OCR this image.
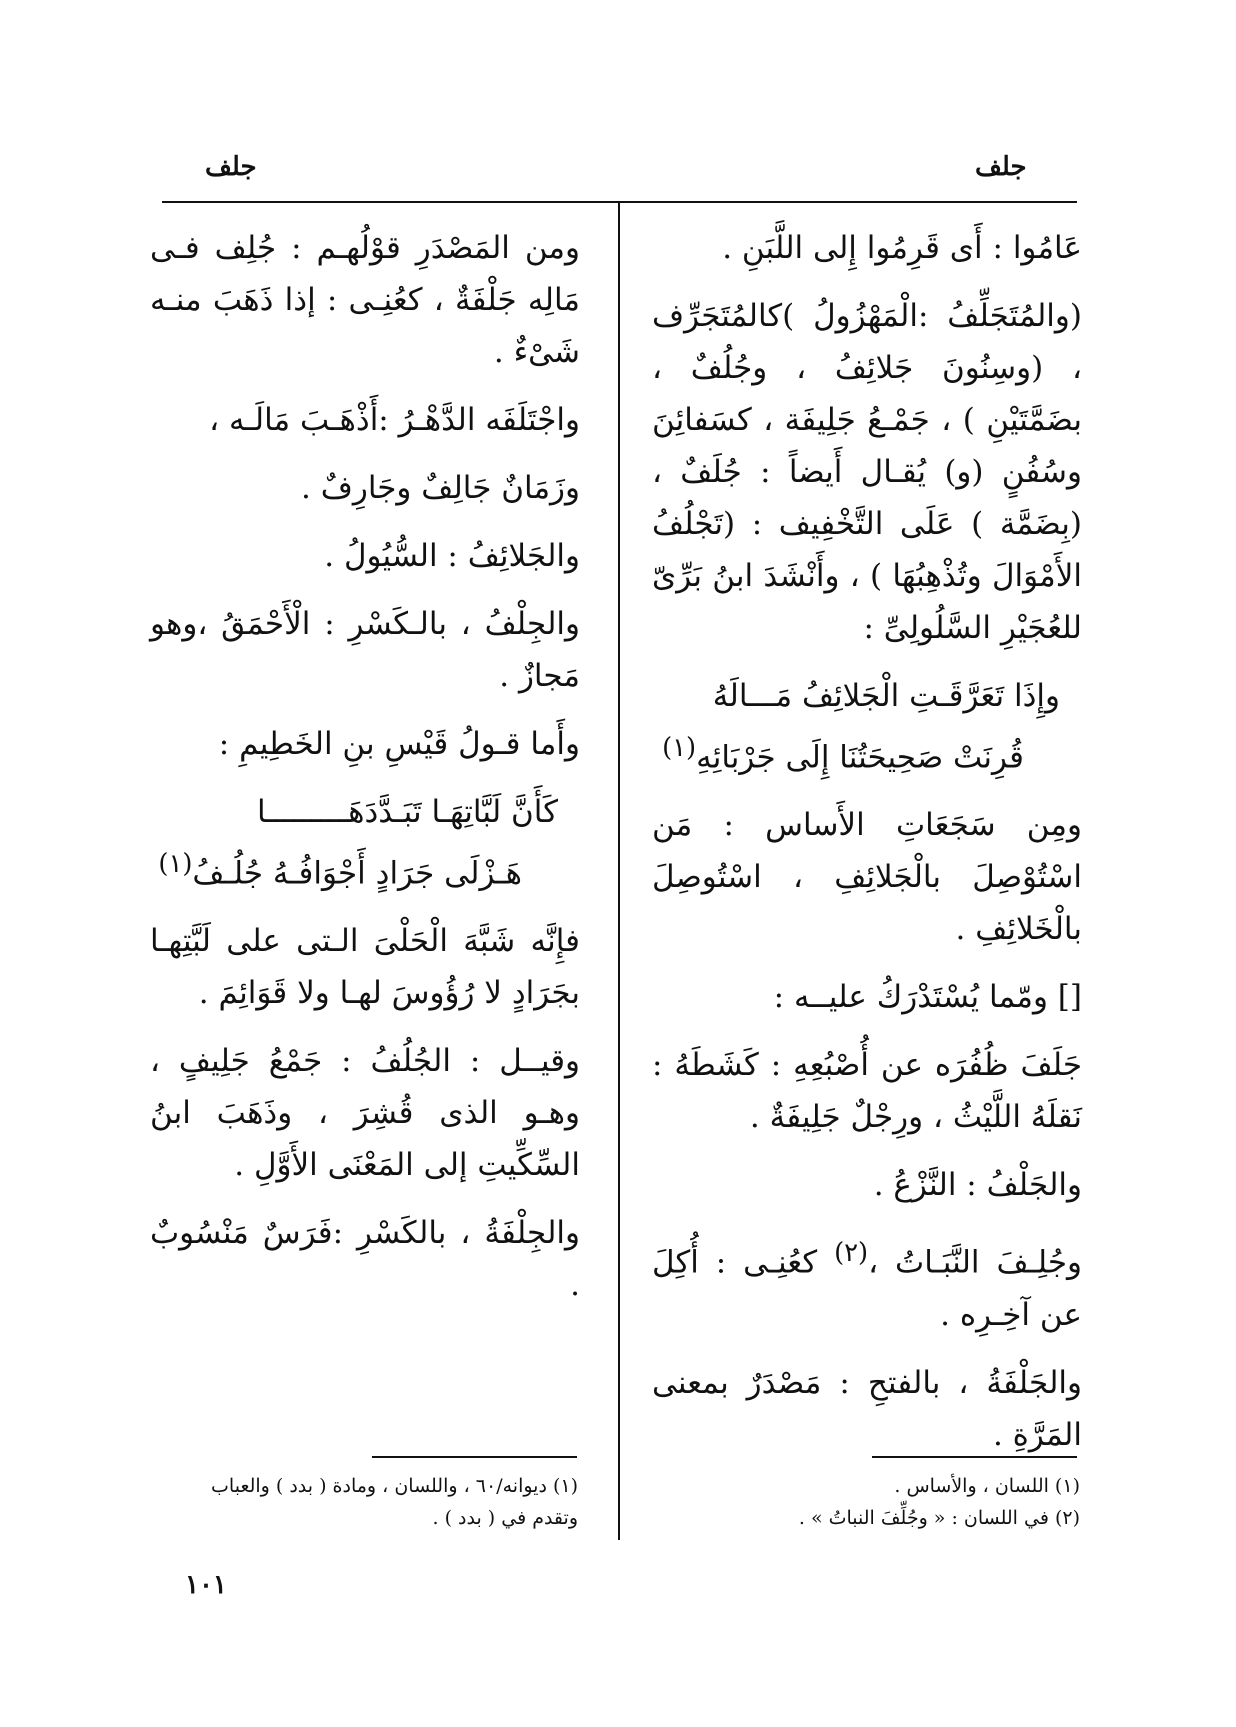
جلف
جلف

عَامُوا : أَى قَرِمُوا إِلى اللَّبَنِ .

(والمُتَجَلِّفُ :الْمَهْزُولُ )كالمُتَجَرِّف ، (وسِنُونَ جَلائِفُ ، وجُلُفٌ ، بضَمَّتَيْنِ ) ، جَمْـعُ جَلِيفَة ، كسَفائِنَ وسُفُنٍ (و) يُقـال أَيضاً : جُلَفٌ ، (بِضَمَّة ) عَلَى التَّخْفِيف : (تَجْلُفُ الأَمْوَالَ وتُذْهِبُهَا ) ، وأَنْشَدَ ابنُ بَرِّىّ للعُجَيْرِ السَّلُولِىِّ :

وإِذَا تَعَرَّقَـتِ الْجَلائِفُ مَـــالَهُ
قُرِنَتْ صَحِيحَتُنَا إِلَى جَرْبَائِهِ$^{(١)}$

ومِن سَجَعَاتِ الأَساس : مَن اسْتُوْصِلَ بالْجَلائِفِ ، اسْتُوصِلَ بالْخَلائِفِ .

[] ومّما يُسْتَدْرَكُ عليــه :

جَلَفَ ظُفُرَه عن أُصْبُعِهِ : كَشَطَهُ : نَقلَهُ اللَّيْثُ ، ورِجْلٌ جَلِيفَةٌ .

والجَلْفُ : النَّزْعُ .

وجُلِـفَ النَّبَـاتُ ،$^{(٢)}$ كعُنِـى : أُكِلَ عن آخِـرِه .

والجَلْفَةُ ، بالفتحِ : مَصْدَرٌ بمعنى المَرَّةِ .

ومن المَصْدَرِ قوْلُهـم : جُلِف فـى مَالِه جَلْفَةٌ ، كعُنِـى : إذا ذَهَبَ منـه شَىْءٌ .

واجْتَلَفَه الدَّهْـرُ :أَذْهَـبَ مَالَـه ،

وزَمَانٌ جَالِفٌ وجَارِفٌ .

والجَلائِفُ : السُّيُولُ .

والجِلْفُ ، بالـكَسْرِ : الْأَحْمَقُ ،وهو مَجازٌ .

وأَما قـولُ قَيْسِ بنِ الخَطِيمِ :

كَأَنَّ لَبَّاتِهَـا تَبَـدَّدَهَـــــــــا
هَـزْلَى جَرَادٍ أَجْوَافُـهُ جُلُـفُ$^{(١)}$

فإِنَّه شَبَّهَ الْحَلْىَ الـتى على لَبَّتِهـا بجَرَادٍ لا رُؤُوسَ لهـا ولا قَوَائِمَ .

وقيــل : الجُلُفُ : جَمْعُ جَلِيفٍ ، وهـو الذى قُشِرَ ، وذَهَبَ ابنُ السِّكِّيتِ إلى المَعْنَى الأَوَّلِ .

والجِلْفَةُ ، بالكَسْرِ :فَرَسٌ مَنْسُوبٌ .

(١) اللسان ، والأساس .
(٢) في اللسان : « وجُلِّفَ النباتُ » .
(١) ديوانه/٦٠ ، واللسان ، ومادة ( بدد ) والعباب
وتقدم في ( بدد ) .
١٠١
